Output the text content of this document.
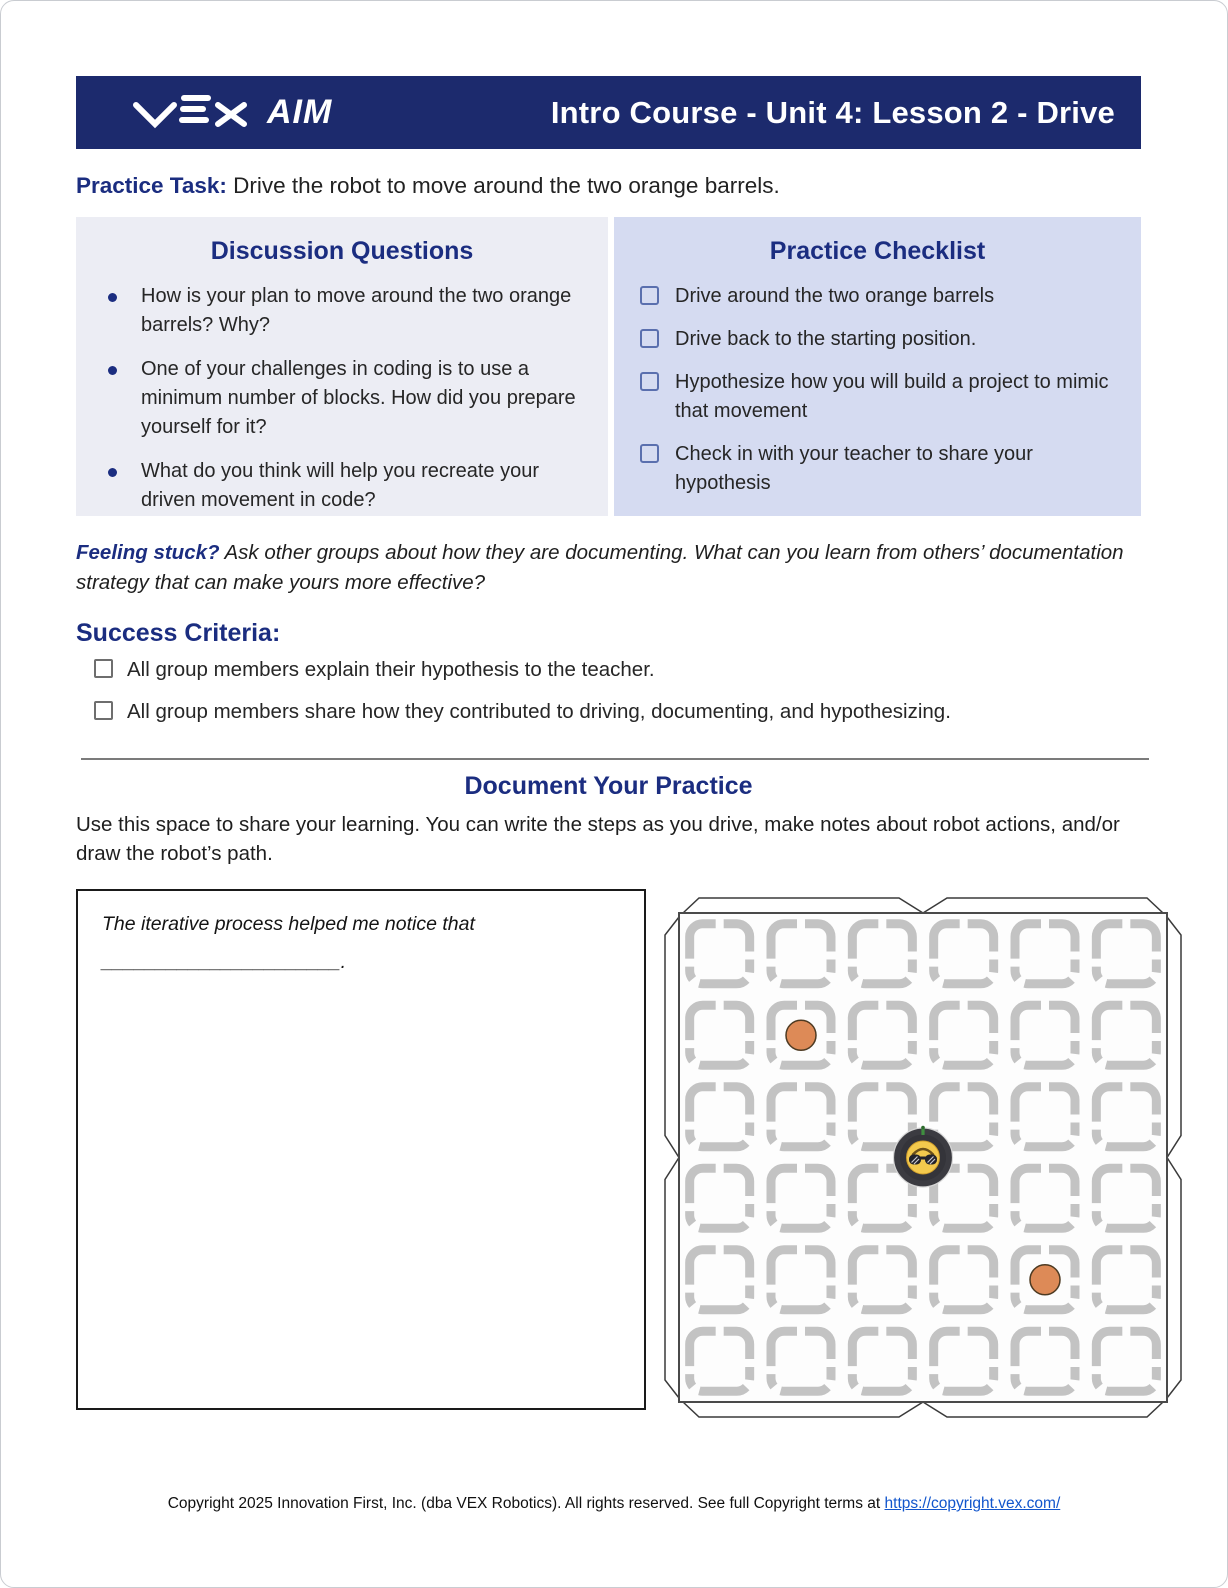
AIM	Intro Course - Unit 4: Lesson 2 - Drive
Practice Task: Drive the robot to move around the two orange barrels.
Discussion Questions
How is your plan to move around the two orange barrels? Why?
One of your challenges in coding is to use a minimum number of blocks. How did you prepare yourself for it?
What do you think will help you recreate your driven movement in code?
Practice Checklist
Drive around the two orange barrels
Drive back to the starting position.
Hypothesize how you will build a project to mimic that movement
Check in with your teacher to share your hypothesis
Feeling stuck? Ask other groups about how they are documenting. What can you learn from others’ documentation strategy that can make yours more effective?
Success Criteria:
All group members explain their hypothesis to the teacher.
All group members share how they contributed to driving, documenting, and hypothesizing.
Document Your Practice
Use this space to share your learning. You can write the steps as you drive, make notes about robot actions, and/or draw the robot’s path.

The iterative process helped me notice that ______________________.

Copyright 2025 Innovation First, Inc. (dba VEX Robotics). All rights reserved. See full Copyright terms at https://copyright.vex.com/
